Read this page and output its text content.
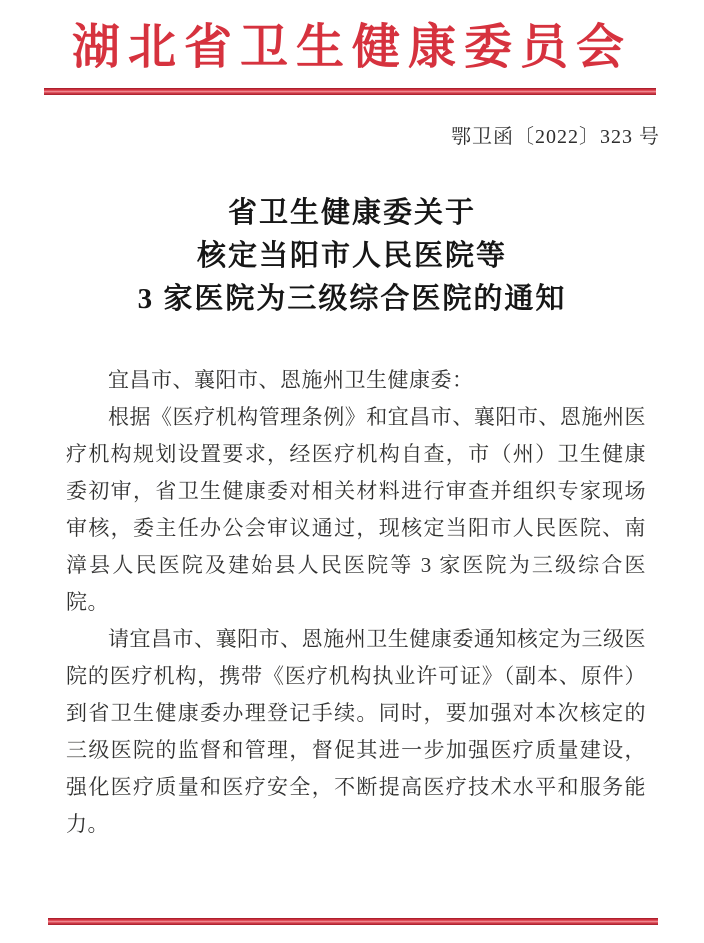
湖北省卫生健康委员会
鄂卫函〔2022〕323 号
省卫生健康委关于
核定当阳市人民医院等
3 家医院为三级综合医院的通知

宜昌市、襄阳市、恩施州卫生健康委：

根据《医疗机构管理条例》和宜昌市、襄阳市、恩施州医疗机构规划设置要求，经医疗机构自查，市（州）卫生健康委初审，省卫生健康委对相关材料进行审查并组织专家现场审核，委主任办公会审议通过，现核定当阳市人民医院、南漳县人民医院及建始县人民医院等 3 家医院为三级综合医院。

请宜昌市、襄阳市、恩施州卫生健康委通知核定为三级医院的医疗机构，携带《医疗机构执业许可证》（副本、原件）到省卫生健康委办理登记手续。同时，要加强对本次核定的三级医院的监督和管理，督促其进一步加强医疗质量建设，强化医疗质量和医疗安全，不断提高医疗技术水平和服务能力。
